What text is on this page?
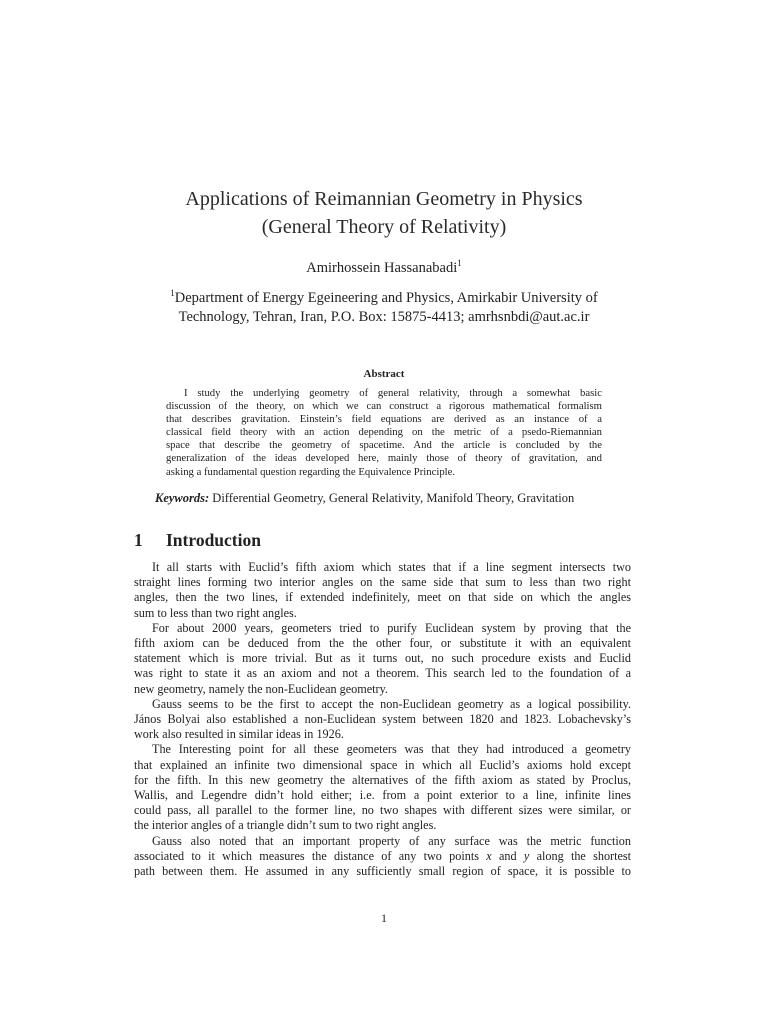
Applications of Reimannian Geometry in Physics
(General Theory of Relativity)
Amirhossein Hassanabadi$^1$
$^1$Department of Energy Egeineering and Physics, Amirkabir University of
Technology, Tehran, Iran, P.O. Box: 15875-4413; amrhsnbdi@aut.ac.ir
Abstract
I study the underlying geometry of general relativity, through a somewhat basic
discussion of the theory, on which we can construct a rigorous mathematical formalism
that describes gravitation. Einstein’s field equations are derived as an instance of a
classical field theory with an action depending on the metric of a psedo-Riemannian
space that describe the geometry of spacetime. And the article is concluded by the
generalization of the ideas developed here, mainly those of theory of gravitation, and
asking a fundamental question regarding the Equivalence Principle.
Keywords: Differential Geometry, General Relativity, Manifold Theory, Gravitation
1 Introduction
It all starts with Euclid’s fifth axiom which states that if a line segment intersects two
straight lines forming two interior angles on the same side that sum to less than two right
angles, then the two lines, if extended indefinitely, meet on that side on which the angles
sum to less than two right angles.
For about 2000 years, geometers tried to purify Euclidean system by proving that the
fifth axiom can be deduced from the the other four, or substitute it with an equivalent
statement which is more trivial. But as it turns out, no such procedure exists and Euclid
was right to state it as an axiom and not a theorem. This search led to the foundation of a
new geometry, namely the non-Euclidean geometry.
Gauss seems to be the first to accept the non-Euclidean geometry as a logical possibility.
János Bolyai also established a non-Euclidean system between 1820 and 1823. Lobachevsky’s
work also resulted in similar ideas in 1926.
The Interesting point for all these geometers was that they had introduced a geometry
that explained an infinite two dimensional space in which all Euclid’s axioms hold except
for the fifth. In this new geometry the alternatives of the fifth axiom as stated by Proclus,
Wallis, and Legendre didn’t hold either; i.e. from a point exterior to a line, infinite lines
could pass, all parallel to the former line, no two shapes with different sizes were similar, or
the interior angles of a triangle didn’t sum to two right angles.
Gauss also noted that an important property of any surface was the metric function
associated to it which measures the distance of any two points x and y along the shortest
path between them. He assumed in any sufficiently small region of space, it is possible to
1
